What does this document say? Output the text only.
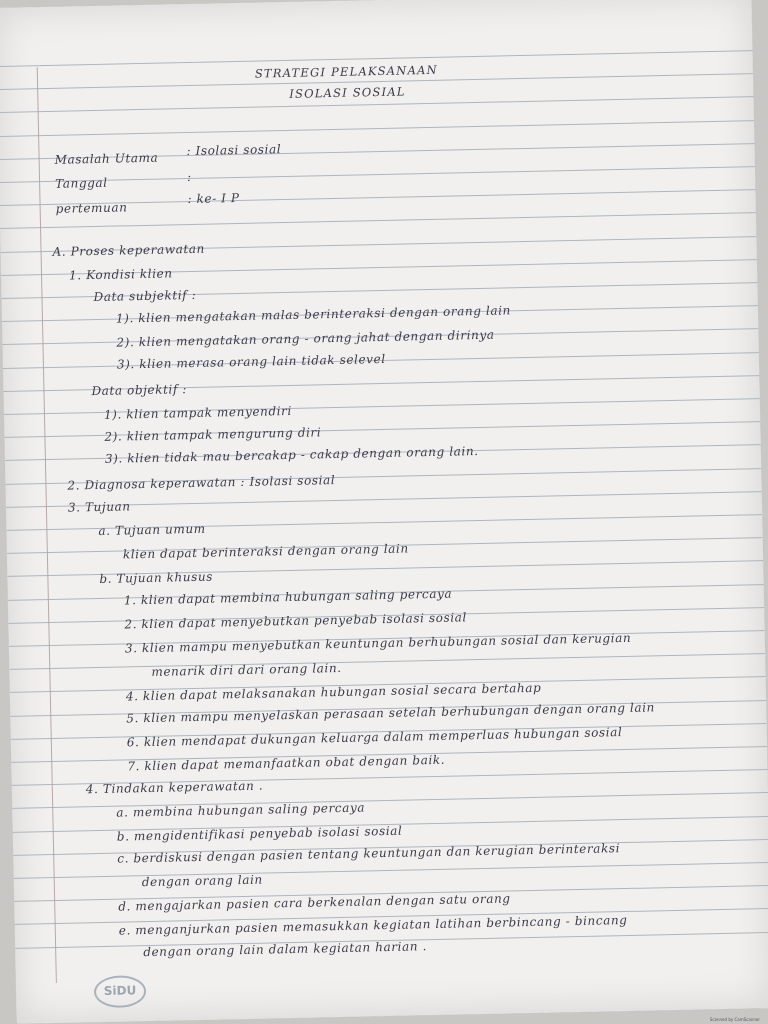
STRATEGI PELAKSANAAN
ISOLASI SOSIAL
Masalah Utama
: Isolasi sosial
Tanggal	:
pertemuan
: ke- I P
A. Proses keperawatan
1. Kondisi klien
Data subjektif :
1). klien mengatakan malas berinteraksi dengan orang lain
2). klien mengatakan orang - orang jahat dengan dirinya
3). klien merasa orang lain tidak selevel
Data objektif :
1). klien tampak menyendiri
2). klien tampak mengurung diri
3). klien tidak mau bercakap - cakap dengan orang lain.
2. Diagnosa keperawatan : Isolasi sosial
3. Tujuan
a. Tujuan umum
klien dapat berinteraksi dengan orang lain
b. Tujuan khusus
1. klien dapat membina hubungan saling percaya
2. klien dapat menyebutkan penyebab isolasi sosial
3. klien mampu menyebutkan keuntungan berhubungan sosial dan kerugian
menarik diri dari orang lain.
4. klien dapat melaksanakan hubungan sosial secara bertahap
5. klien mampu menyelaskan perasaan setelah berhubungan dengan orang lain
6. klien mendapat dukungan keluarga dalam memperluas hubungan sosial
7. klien dapat memanfaatkan obat dengan baik.
4. Tindakan keperawatan .
a. membina hubungan saling percaya
b. mengidentifikasi penyebab isolasi sosial
c. berdiskusi dengan pasien tentang keuntungan dan kerugian berinteraksi
dengan orang lain
d. mengajarkan pasien cara berkenalan dengan satu orang
e. menganjurkan pasien memasukkan kegiatan latihan berbincang - bincang
dengan orang lain dalam kegiatan harian .
SiDU
Scanned by CamScanner
